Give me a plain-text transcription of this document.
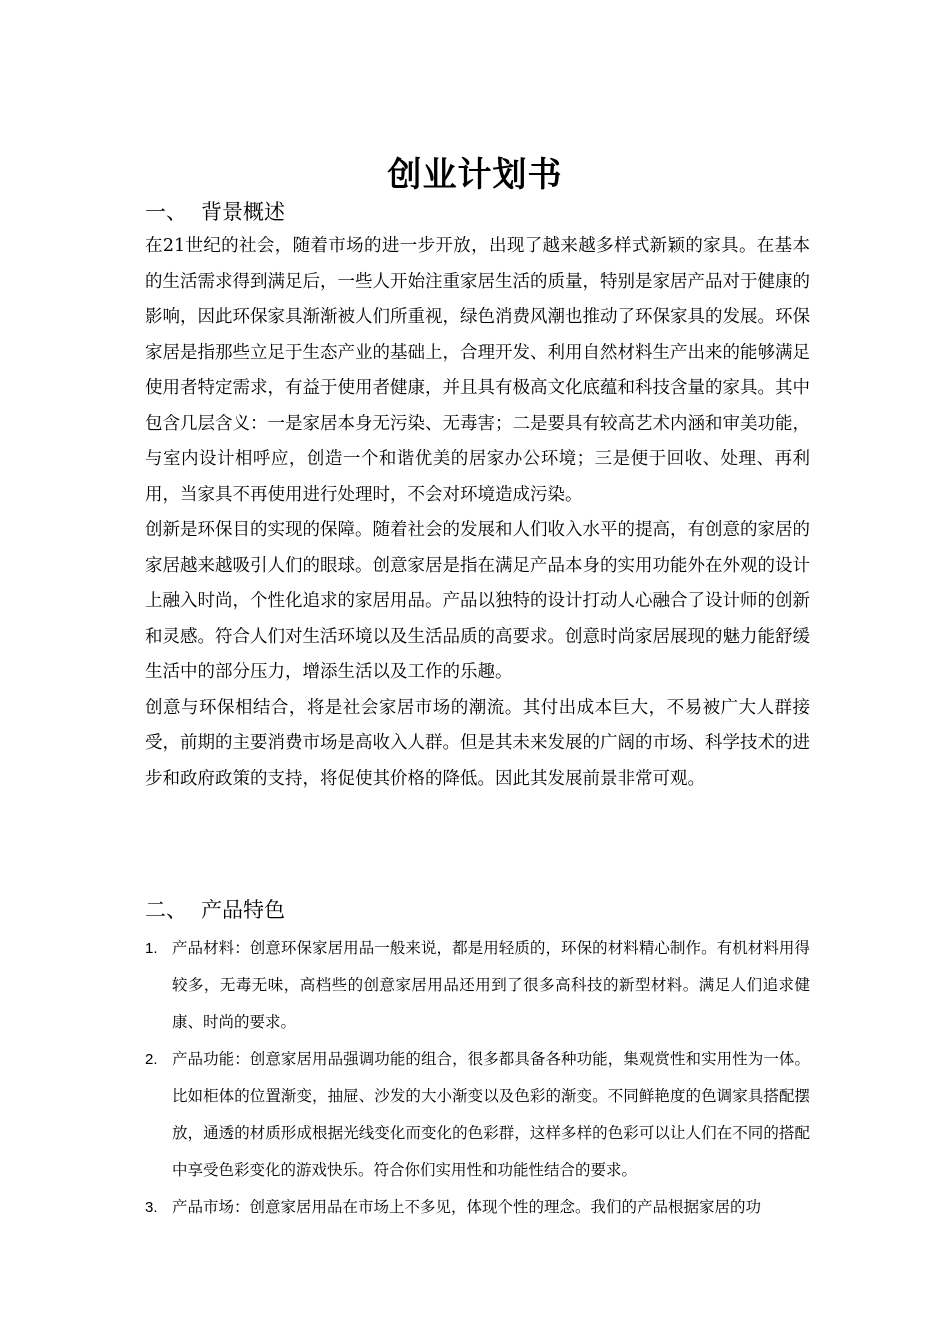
创业计划书
一、 背景概述

在21世纪的社会，随着市场的进一步开放，出现了越来越多样式新颖的家具。在基本的生活需求得到满足后，一些人开始注重家居生活的质量，特别是家居产品对于健康的影响，因此环保家具渐渐被人们所重视，绿色消费风潮也推动了环保家具的发展。环保家居是指那些立足于生态产业的基础上，合理开发、利用自然材料生产出来的能够满足使用者特定需求，有益于使用者健康，并且具有极高文化底蕴和科技含量的家具。其中包含几层含义：一是家居本身无污染、无毒害；二是要具有较高艺术内涵和审美功能，与室内设计相呼应，创造一个和谐优美的居家办公环境；三是便于回收、处理、再利用，当家具不再使用进行处理时，不会对环境造成污染。

创新是环保目的实现的保障。随着社会的发展和人们收入水平的提高，有创意的家居的家居越来越吸引人们的眼球。创意家居是指在满足产品本身的实用功能外在外观的设计上融入时尚，个性化追求的家居用品。产品以独特的设计打动人心融合了设计师的创新和灵感。符合人们对生活环境以及生活品质的高要求。创意时尚家居展现的魅力能舒缓生活中的部分压力，增添生活以及工作的乐趣。

创意与环保相结合，将是社会家居市场的潮流。其付出成本巨大，不易被广大人群接受，前期的主要消费市场是高收入人群。但是其未来发展的广阔的市场、科学技术的进步和政府政策的支持，将促使其价格的降低。因此其发展前景非常可观。

二、 产品特色
1. 产品材料：创意环保家居用品一般来说，都是用轻质的，环保的材料精心制作。有机材料用得较多，无毒无味，高档些的创意家居用品还用到了很多高科技的新型材料。满足人们追求健康、时尚的要求。
2. 产品功能：创意家居用品强调功能的组合，很多都具备各种功能，集观赏性和实用性为一体。比如柜体的位置渐变，抽屉、沙发的大小渐变以及色彩的渐变。不同鲜艳度的色调家具搭配摆放，通透的材质形成根据光线变化而变化的色彩群，这样多样的色彩可以让人们在不同的搭配中享受色彩变化的游戏快乐。符合你们实用性和功能性结合的要求。
3. 产品市场：创意家居用品在市场上不多见，体现个性的理念。我们的产品根据家居的功
